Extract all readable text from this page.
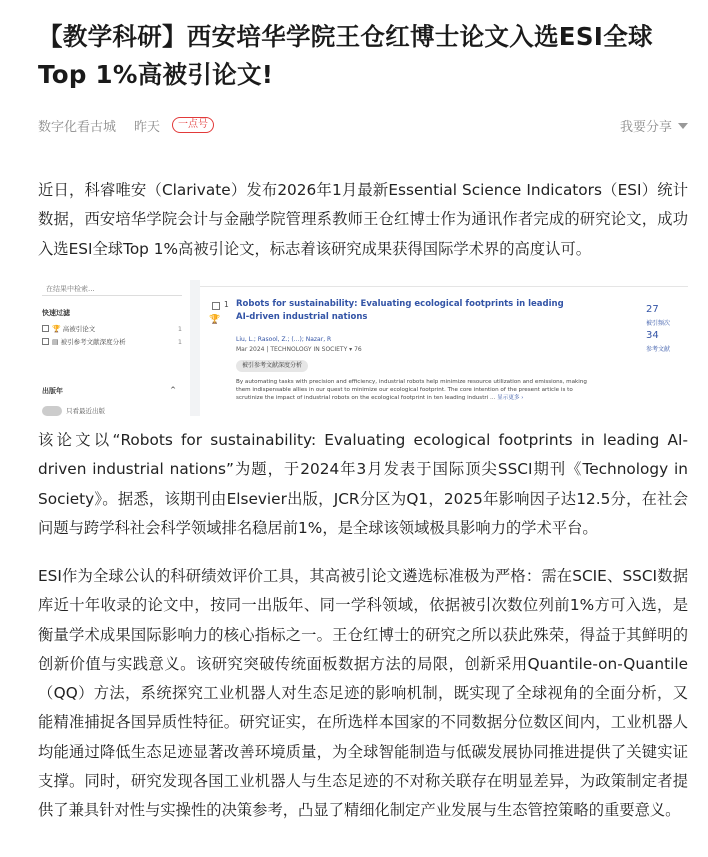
【教学科研】西安培华学院王仓红博士论文入选ESI全球Top 1%高被引论文!
数字化看古城 昨天	一点号	我要分享

近日，科睿唯安（Clarivate）发布2026年1月最新Essential Science Indicators（ESI）统计数据，西安培华学院会计与金融学院管理系教师王仓红博士作为通讯作者完成的研究论文，成功入选ESI全球Top 1%高被引论文，标志着该研究成果获得国际学术界的高度认可。

在结果中检索...
快速过滤
🏆 高被引论文	1
▤ 被引参考文献深度分析	1
出版年	^
只看最近出版
1
🏆
Robots for sustainability: Evaluating ecological footprints in leading AI-driven industrial nations
Liu, L.; Rasool, Z.; (...); Nazar, R
Mar 2024 | TECHNOLOGY IN SOCIETY ▾ 76
被引参考文献深度分析
By automating tasks with precision and efficiency, industrial robots help minimize resource utilization and emissions, making them indispensable allies in our quest to minimize our ecological footprint. The core intention of the present article is to scrutinize the impact of industrial robots on the ecological footprint in ten leading industri ... 显示更多 ›
27
被引频次
34
参考文献

该论文以“Robots for sustainability: Evaluating ecological footprints in leading AI-driven industrial nations”为题，于2024年3月发表于国际顶尖SSCI期刊《Technology in Society》。据悉，该期刊由Elsevier出版，JCR分区为Q1，2025年影响因子达12.5分，在社会问题与跨学科社会科学领域排名稳居前1%，是全球该领域极具影响力的学术平台。

ESI作为全球公认的科研绩效评价工具，其高被引论文遴选标准极为严格：需在SCIE、SSCI数据库近十年收录的论文中，按同一出版年、同一学科领域，依据被引次数位列前1%方可入选，是衡量学术成果国际影响力的核心指标之一。王仓红博士的研究之所以获此殊荣，得益于其鲜明的创新价值与实践意义。该研究突破传统面板数据方法的局限，创新采用Quantile-on-Quantile（QQ）方法，系统探究工业机器人对生态足迹的影响机制，既实现了全球视角的全面分析，又能精准捕捉各国异质性特征。研究证实，在所选样本国家的不同数据分位数区间内，工业机器人均能通过降低生态足迹显著改善环境质量，为全球智能制造与低碳发展协同推进提供了关键实证支撑。同时，研究发现各国工业机器人与生态足迹的不对称关联存在明显差异，为政策制定者提供了兼具针对性与实操性的决策参考，凸显了精细化制定产业发展与生态管控策略的重要意义。
